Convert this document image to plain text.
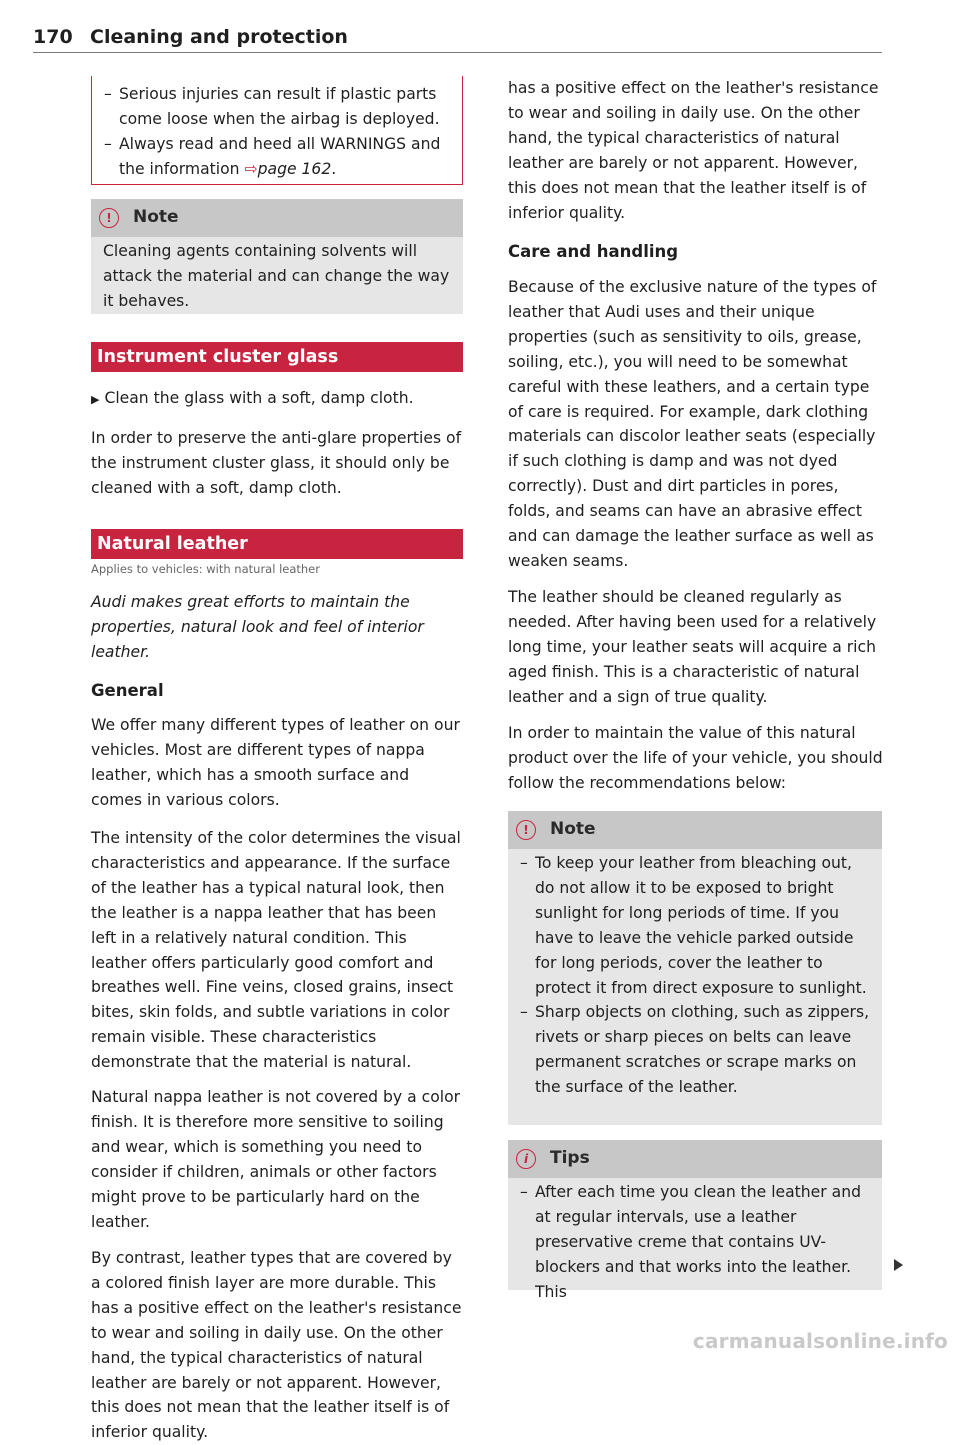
170 Cleaning and protection

– Serious injuries can result if plastic parts come loose when the airbag is deployed.

– Always read and heed all WARNINGS and the information ⇨page 162.

!	Note

Cleaning agents containing solvents will attack the material and can change the way it behaves.

Instrument cluster glass

▶ Clean the glass with a soft, damp cloth.

In order to preserve the anti-glare properties of the instrument cluster glass, it should only be cleaned with a soft, damp cloth.

Natural leather

Applies to vehicles: with natural leather

Audi makes great efforts to maintain the properties, natural look and feel of interior leather.

General

We offer many different types of leather on our vehicles. Most are different types of nappa leather, which has a smooth surface and comes in various colors.

The intensity of the color determines the visual characteristics and appearance. If the surface of the leather has a typical natural look, then the leather is a nappa leather that has been left in a relatively natural condition. This leather offers particularly good comfort and breathes well. Fine veins, closed grains, insect bites, skin folds, and subtle variations in color remain visible. These characteristics demonstrate that the material is natural.

Natural nappa leather is not covered by a color finish. It is therefore more sensitive to soiling and wear, which is something you need to consider if children, animals or other factors might prove to be particularly hard on the leather.

By contrast, leather types that are covered by a colored finish layer are more durable. This has a positive effect on the leather's resistance to wear and soiling in daily use. On the other hand, the typical characteristics of natural leather are barely or not apparent. However, this does not mean that the leather itself is of inferior quality.

has a positive effect on the leather's resistance to wear and soiling in daily use. On the other hand, the typical characteristics of natural leather are barely or not apparent. However, this does not mean that the leather itself is of inferior quality.

Care and handling

Because of the exclusive nature of the types of leather that Audi uses and their unique properties (such as sensitivity to oils, grease, soiling, etc.), you will need to be somewhat careful with these leathers, and a certain type of care is required. For example, dark clothing materials can discolor leather seats (especially if such clothing is damp and was not dyed correctly). Dust and dirt particles in pores, folds, and seams can have an abrasive effect and can damage the leather surface as well as weaken seams.

The leather should be cleaned regularly as needed. After having been used for a relatively long time, your leather seats will acquire a rich aged finish. This is a characteristic of natural leather and a sign of true quality.

In order to maintain the value of this natural product over the life of your vehicle, you should follow the recommendations below:

!	Note

– To keep your leather from bleaching out, do not allow it to be exposed to bright sunlight for long periods of time. If you have to leave the vehicle parked outside for long periods, cover the leather to protect it from direct exposure to sunlight.

– Sharp objects on clothing, such as zippers, rivets or sharp pieces on belts can leave permanent scratches or scrape marks on the surface of the leather.

i	Tips

– After each time you clean the leather and at regular intervals, use a leather preservative creme that contains UV-blockers and that works into the leather. This

carmanualsonline.info
